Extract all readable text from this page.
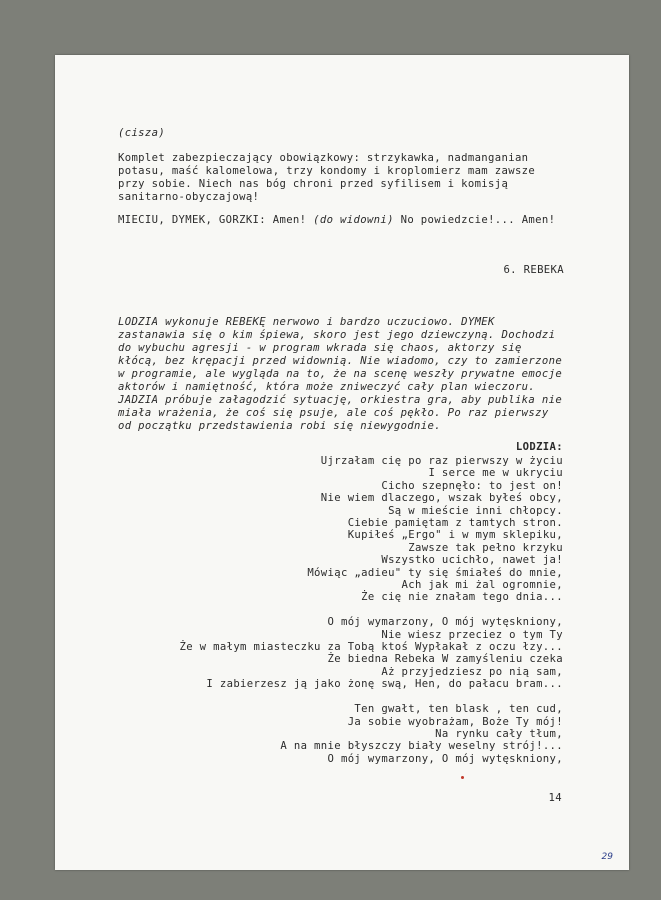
(cisza)
Komplet zabezpieczający obowiązkowy: strzykawka, nadmanganian
potasu, maść kalomelowa, trzy kondomy i kroplomierz mam zawsze
przy sobie. Niech nas bóg chroni przed syfilisem i komisją
sanitarno-obyczajową!
MIECIU, DYMEK, GORZKI: Amen! (do widowni) No powiedzcie!... Amen!
6. REBEKA
LODZIA wykonuje REBEKĘ nerwowo i bardzo uczuciowo. DYMEK
zastanawia się o kim śpiewa, skoro jest jego dziewczyną. Dochodzi
do wybuchu agresji - w program wkrada się chaos, aktorzy się
kłócą, bez krępacji przed widownią. Nie wiadomo, czy to zamierzone
w programie, ale wygląda na to, że na scenę weszły prywatne emocje
aktorów i namiętność, która może zniweczyć cały plan wieczoru.
JADZIA próbuje załagodzić sytuację, orkiestra gra, aby publika nie
miała wrażenia, że coś się psuje, ale coś pękło. Po raz pierwszy
od początku przedstawienia robi się niewygodnie.
LODZIA:
Ujrzałam cię po raz pierwszy w życiu
I serce me w ukryciu
Cicho szepnęło: to jest on!
Nie wiem dlaczego, wszak byłeś obcy,
Są w mieście inni chłopcy.
Ciebie pamiętam z tamtych stron.
Kupiłeś „Ergo" i w mym sklepiku,
Zawsze tak pełno krzyku
Wszystko ucichło, nawet ja!
Mówiąc „adieu" ty się śmiałeś do mnie,
Ach jak mi żal ogromnie,
Że cię nie znałam tego dnia...
O mój wymarzony, O mój wytęskniony,
Nie wiesz przeciez o tym Ty
Że w małym miasteczku za Tobą ktoś Wypłakał z oczu łzy...
Że biedna Rebeka W zamyśleniu czeka
Aż przyjedziesz po nią sam,
I zabierzesz ją jako żonę swą, Hen, do pałacu bram...
Ten gwałt, ten blask , ten cud,
Ja sobie wyobrażam, Boże Ty mój!
Na rynku cały tłum,
A na mnie błyszczy biały weselny strój!...
O mój wymarzony, O mój wytęskniony,
14
29
